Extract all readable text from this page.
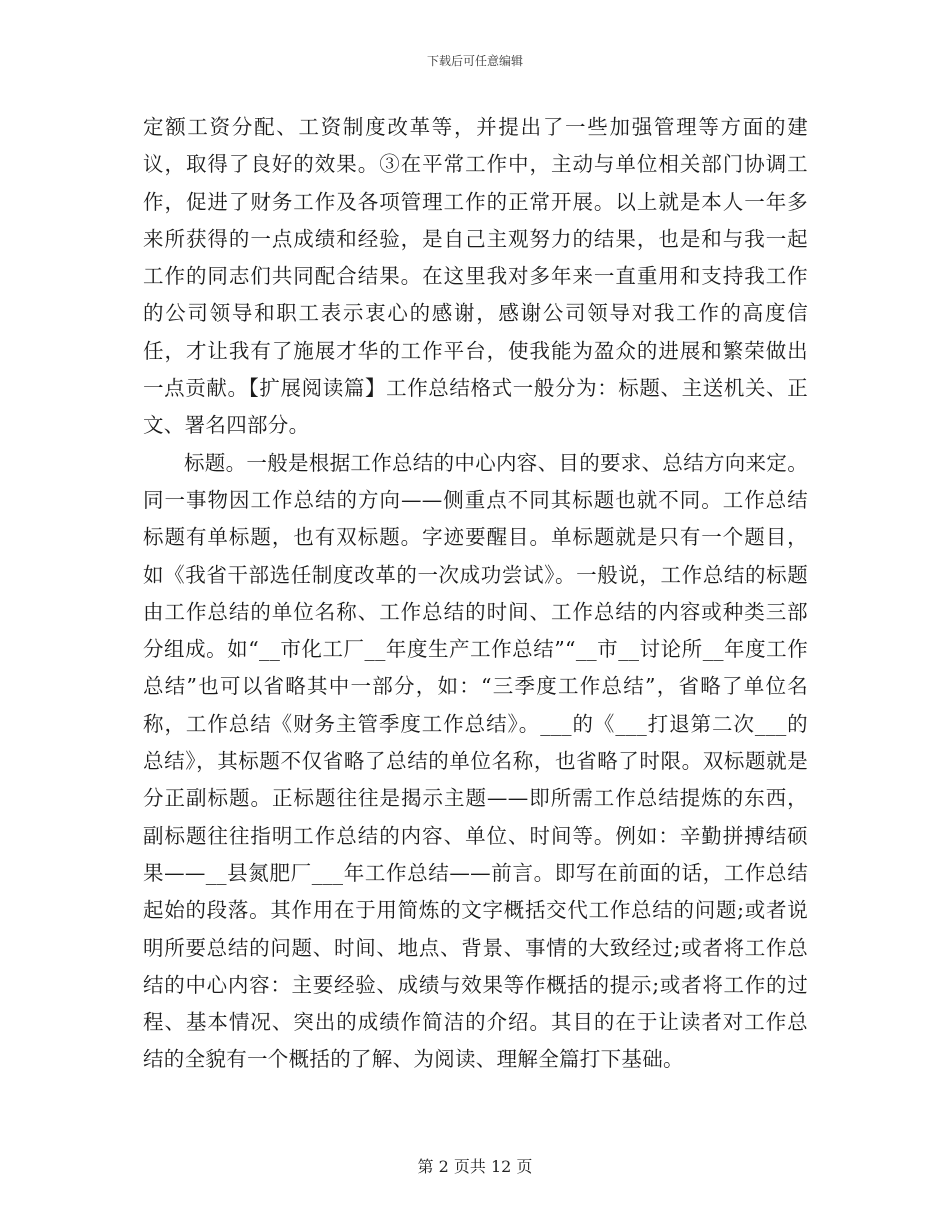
下载后可任意编辑

定额工资分配、工资制度改革等，并提出了一些加强管理等方面的建议，取得了良好的效果。③在平常工作中，主动与单位相关部门协调工作，促进了财务工作及各项管理工作的正常开展。以上就是本人一年多来所获得的一点成绩和经验，是自己主观努力的结果，也是和与我一起工作的同志们共同配合结果。在这里我对多年来一直重用和支持我工作的公司领导和职工表示衷心的感谢，感谢公司领导对我工作的高度信任，才让我有了施展才华的工作平台，使我能为盈众的进展和繁荣做出一点贡献。【扩展阅读篇】工作总结格式一般分为：标题、主送机关、正文、署名四部分。

标题。一般是根据工作总结的中心内容、目的要求、总结方向来定。同一事物因工作总结的方向——侧重点不同其标题也就不同。工作总结标题有单标题，也有双标题。字迹要醒目。单标题就是只有一个题目，如《我省干部选任制度改革的一次成功尝试》。一般说，工作总结的标题由工作总结的单位名称、工作总结的时间、工作总结的内容或种类三部分组成。如“__市化工厂__年度生产工作总结”“__市__讨论所__年度工作总结”也可以省略其中一部分，如：“三季度工作总结”，省略了单位名称，工作总结《财务主管季度工作总结》。___的《___打退第二次___的总结》，其标题不仅省略了总结的单位名称，也省略了时限。双标题就是分正副标题。正标题往往是揭示主题——即所需工作总结提炼的东西，副标题往往指明工作总结的内容、单位、时间等。例如：辛勤拼搏结硕果——__县氮肥厂___年工作总结——前言。即写在前面的话，工作总结起始的段落。其作用在于用简炼的文字概括交代工作总结的问题;或者说明所要总结的问题、时间、地点、背景、事情的大致经过;或者将工作总结的中心内容：主要经验、成绩与效果等作概括的提示;或者将工作的过程、基本情况、突出的成绩作简洁的介绍。其目的在于让读者对工作总结的全貌有一个概括的了解、为阅读、理解全篇打下基础。

第 2 页共 12 页
